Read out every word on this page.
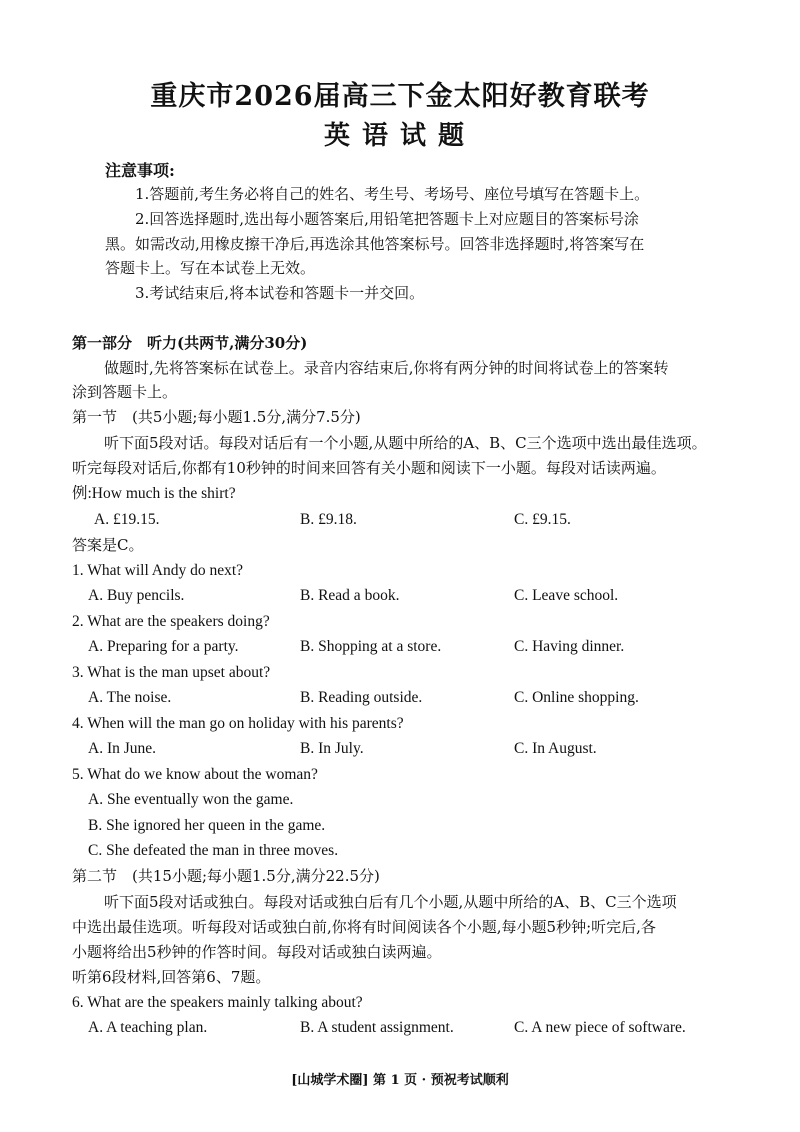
重庆市2026届高三下金太阳好教育联考
英语试题
注意事项:
1.答题前,考生务必将自己的姓名、考生号、考场号、座位号填写在答题卡上。
2.回答选择题时,选出每小题答案后,用铅笔把答题卡上对应题目的答案标号涂
黑。如需改动,用橡皮擦干净后,再选涂其他答案标号。回答非选择题时,将答案写在
答题卡上。写在本试卷上无效。
3.考试结束后,将本试卷和答题卡一并交回。
第一部分　听力(共两节,满分30分)
做题时,先将答案标在试卷上。录音内容结束后,你将有两分钟的时间将试卷上的答案转
涂到答题卡上。
第一节　(共5小题;每小题1.5分,满分7.5分)
听下面5段对话。每段对话后有一个小题,从题中所给的A、B、C三个选项中选出最佳选项。
听完每段对话后,你都有10秒钟的时间来回答有关小题和阅读下一小题。每段对话读两遍。
例:How much is the shirt?
A. £19.15.	B. £9.18.	C. £9.15.
答案是C。
1. What will Andy do next?
A. Buy pencils.	B. Read a book.	C. Leave school.
2. What are the speakers doing?
A. Preparing for a party.	B. Shopping at a store.	C. Having dinner.
3. What is the man upset about?
A. The noise.	B. Reading outside.	C. Online shopping.
4. When will the man go on holiday with his parents?
A. In June.	B. In July.	C. In August.
5. What do we know about the woman?
A. She eventually won the game.
B. She ignored her queen in the game.
C. She defeated the man in three moves.
第二节　(共15小题;每小题1.5分,满分22.5分)
听下面5段对话或独白。每段对话或独白后有几个小题,从题中所给的A、B、C三个选项
中选出最佳选项。听每段对话或独白前,你将有时间阅读各个小题,每小题5秒钟;听完后,各
小题将给出5秒钟的作答时间。每段对话或独白读两遍。
听第6段材料,回答第6、7题。
6. What are the speakers mainly talking about?
A. A teaching plan.	B. A student assignment.	C. A new piece of software.
[山城学术圈] 第 1 页 · 预祝考试顺利
